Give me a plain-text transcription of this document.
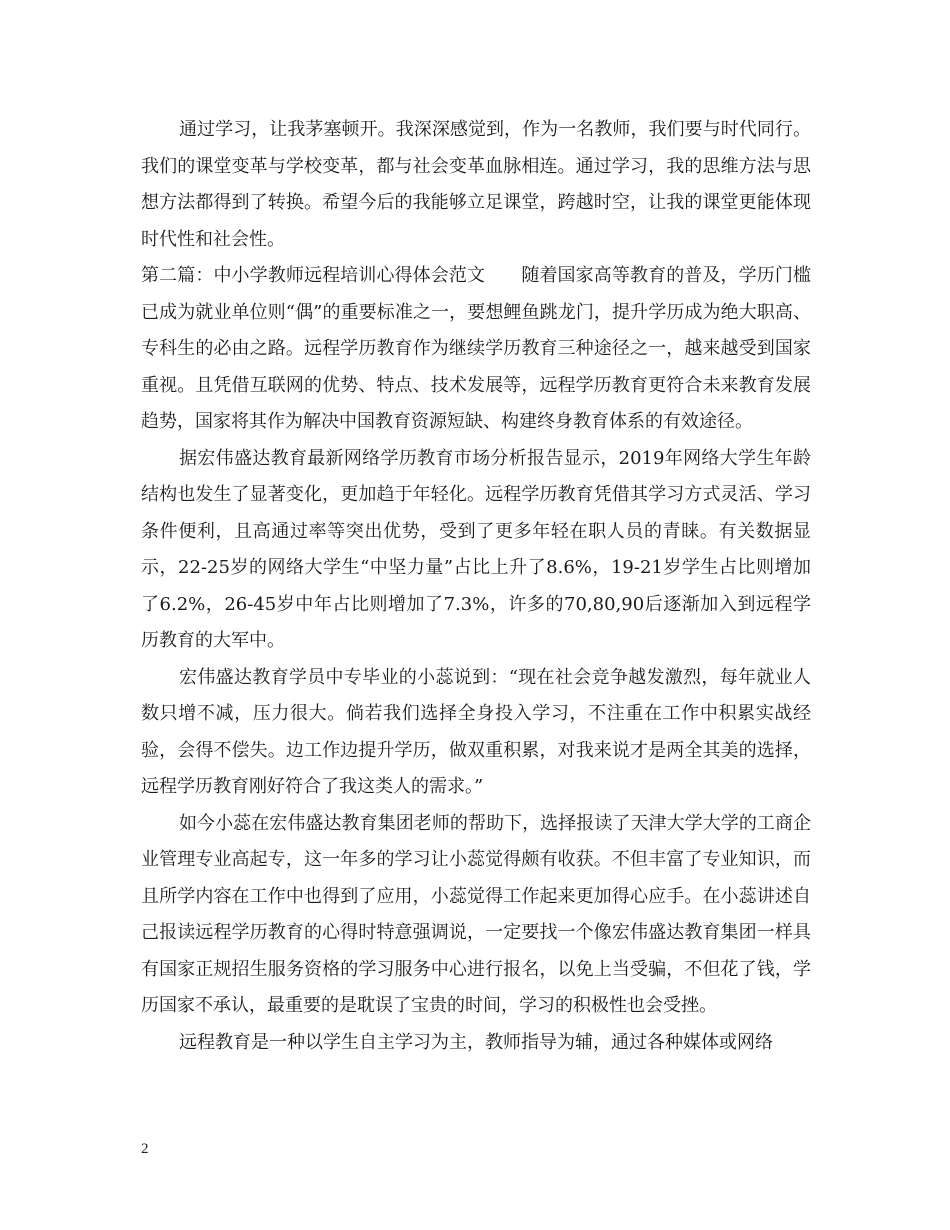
通过学习，让我茅塞顿开。我深深感觉到，作为一名教师，我们要与时代同行。我们的课堂变革与学校变革，都与社会变革血脉相连。通过学习，我的思维方法与思想方法都得到了转换。希望今后的我能够立足课堂，跨越时空，让我的课堂更能体现时代性和社会性。

第二篇：中小学教师远程培训心得体会范文　　随着国家高等教育的普及，学历门槛已成为就业单位则“偶”的重要标准之一，要想鲤鱼跳龙门，提升学历成为绝大职高、专科生的必由之路。远程学历教育作为继续学历教育三种途径之一，越来越受到国家重视。且凭借互联网的优势、特点、技术发展等，远程学历教育更符合未来教育发展趋势，国家将其作为解决中国教育资源短缺、构建终身教育体系的有效途径。

据宏伟盛达教育最新网络学历教育市场分析报告显示，2019年网络大学生年龄结构也发生了显著变化，更加趋于年轻化。远程学历教育凭借其学习方式灵活、学习条件便利，且高通过率等突出优势，受到了更多年轻在职人员的青睐。有关数据显示，22-25岁的网络大学生“中坚力量”占比上升了8.6%，19-21岁学生占比则增加了6.2%，26-45岁中年占比则增加了7.3%，许多的70,80,90后逐渐加入到远程学历教育的大军中。

宏伟盛达教育学员中专毕业的小蕊说到：“现在社会竞争越发激烈，每年就业人数只增不减，压力很大。倘若我们选择全身投入学习，不注重在工作中积累实战经验，会得不偿失。边工作边提升学历，做双重积累，对我来说才是两全其美的选择，远程学历教育刚好符合了我这类人的需求。”

如今小蕊在宏伟盛达教育集团老师的帮助下，选择报读了天津大学大学的工商企业管理专业高起专，这一年多的学习让小蕊觉得颇有收获。不但丰富了专业知识，而且所学内容在工作中也得到了应用，小蕊觉得工作起来更加得心应手。在小蕊讲述自己报读远程学历教育的心得时特意强调说，一定要找一个像宏伟盛达教育集团一样具有国家正规招生服务资格的学习服务中心进行报名，以免上当受骗，不但花了钱，学历国家不承认，最重要的是耽误了宝贵的时间，学习的积极性也会受挫。

远程教育是一种以学生自主学习为主，教师指导为辅，通过各种媒体或网络

2
